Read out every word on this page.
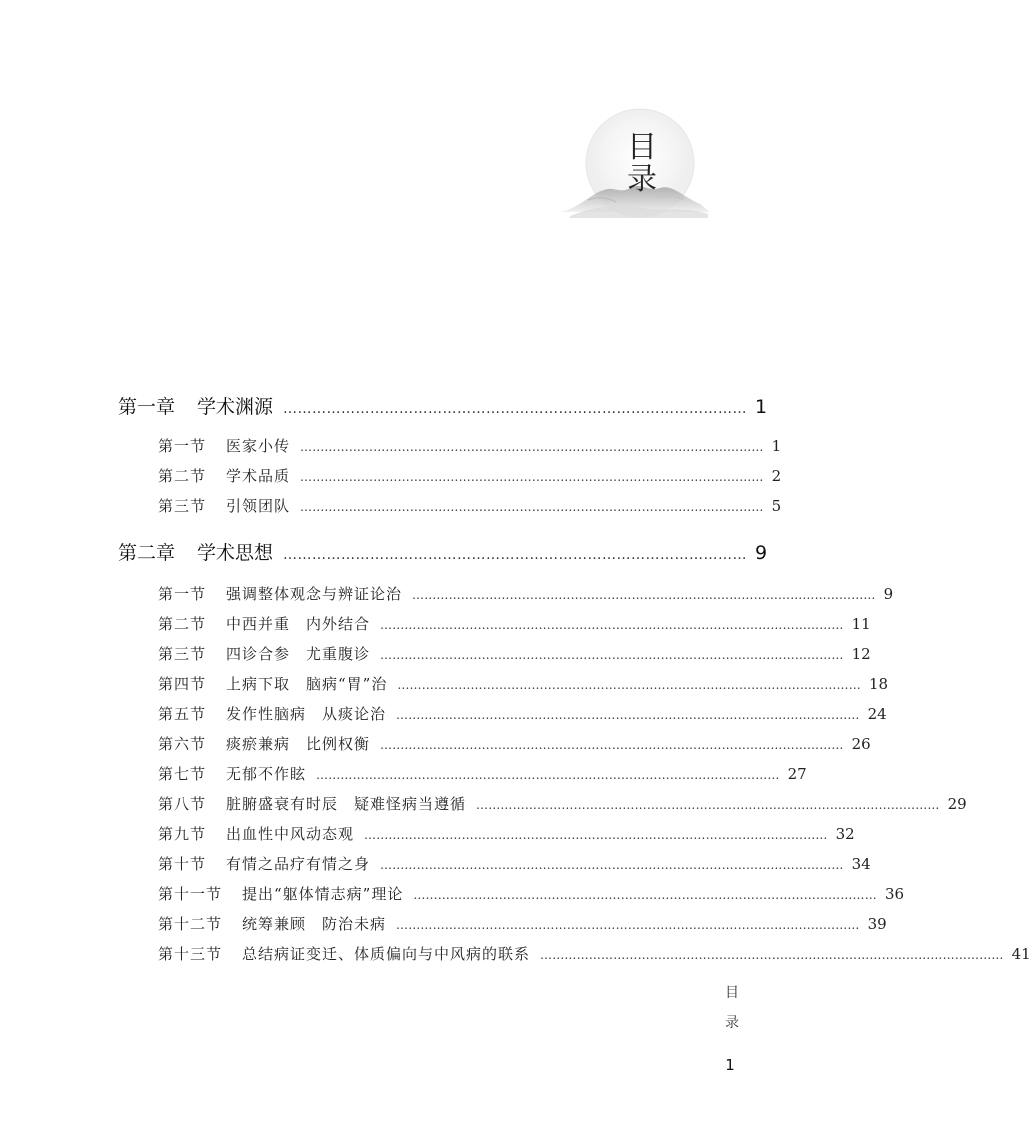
目
录
第一章 学术渊源 …………………………………………………………………………………… 1
第一节 医家小传 …………………………………………………………………………………………………… 1
第二节 学术品质 …………………………………………………………………………………………………… 2
第三节 引领团队 …………………………………………………………………………………………………… 5
第二章 学术思想 …………………………………………………………………………………… 9
第一节 强调整体观念与辨证论治 …………………………………………………………………………………………………… 9
第二节 中西并重　内外结合 …………………………………………………………………………………………………… 11
第三节 四诊合参　尤重腹诊 …………………………………………………………………………………………………… 12
第四节 上病下取　脑病“胃”治 …………………………………………………………………………………………………… 18
第五节 发作性脑病　从痰论治 …………………………………………………………………………………………………… 24
第六节 痰瘀兼病　比例权衡 …………………………………………………………………………………………………… 26
第七节 无郁不作眩 …………………………………………………………………………………………………… 27
第八节 脏腑盛衰有时辰　疑难怪病当遵循 …………………………………………………………………………………………………… 29
第九节 出血性中风动态观 …………………………………………………………………………………………………… 32
第十节 有情之品疗有情之身 …………………………………………………………………………………………………… 34
第十一节 提出“躯体情志病”理论 …………………………………………………………………………………………………… 36
第十二节 统筹兼顾　防治未病 …………………………………………………………………………………………………… 39
第十三节 总结病证变迁、体质偏向与中风病的联系 …………………………………………………………………………………………………… 41
目
录
1
